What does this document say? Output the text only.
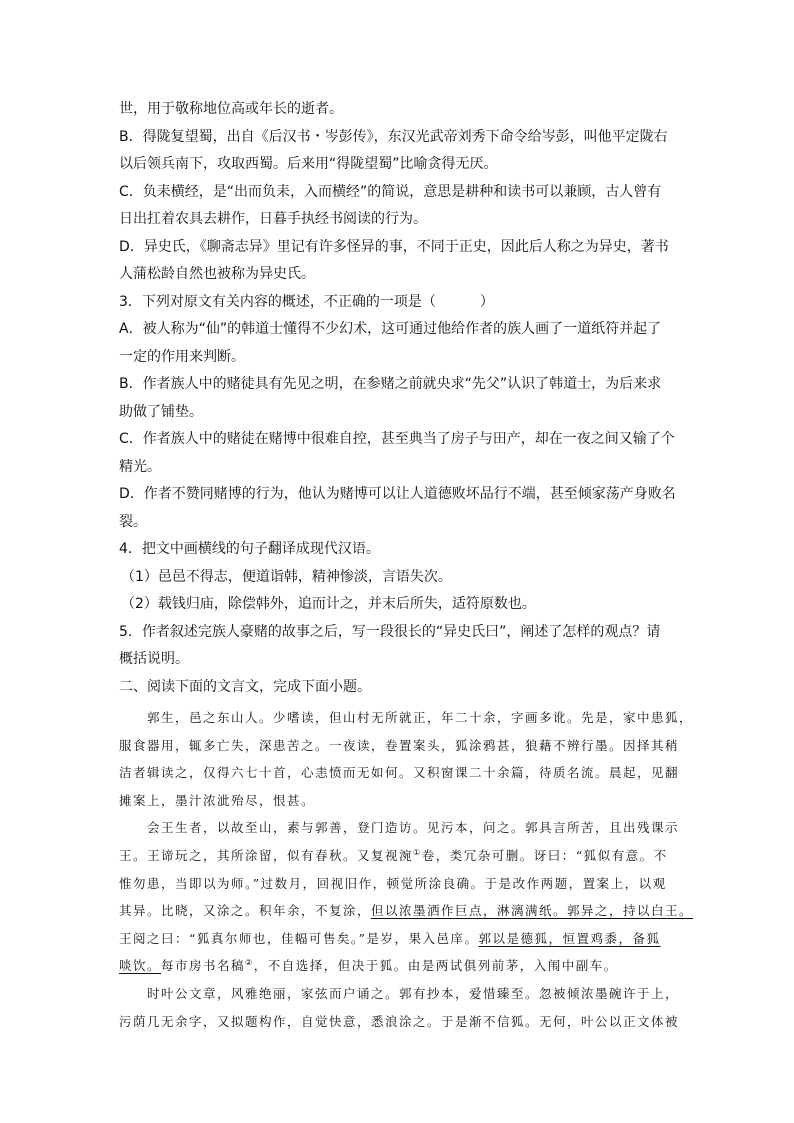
世，用于敬称地位高或年长的逝者。
B．得陇复望蜀，出自《后汉书・岑彭传》，东汉光武帝刘秀下命令给岑彭，叫他平定陇右
以后领兵南下，攻取西蜀。后来用“得陇望蜀”比喻贪得无厌。
C．负耒横经，是“出而负耒，入而横经”的简说，意思是耕种和读书可以兼顾，古人曾有
日出扛着农具去耕作，日暮手执经书阅读的行为。
D．异史氏，《聊斋志异》里记有许多怪异的事，不同于正史，因此后人称之为异史，著书
人蒲松龄自然也被称为异史氏。
3．下列对原文有关内容的概述，不正确的一项是（	）
A．被人称为“仙”的韩道士懂得不少幻术，这可通过他给作者的族人画了一道纸符并起了
一定的作用来判断。
B．作者族人中的赌徒具有先见之明，在参赌之前就央求“先父”认识了韩道士，为后来求
助做了铺垫。
C．作者族人中的赌徒在赌博中很难自控，甚至典当了房子与田产，却在一夜之间又输了个
精光。
D．作者不赞同赌博的行为，他认为赌博可以让人道德败坏品行不端，甚至倾家荡产身败名
裂。
4．把文中画横线的句子翻译成现代汉语。
（1）邑邑不得志，便道诣韩，精神惨淡，言语失次。
（2）载钱归庙，除偿韩外，追而计之，并末后所失，适符原数也。
5．作者叙述完族人豪赌的故事之后，写一段很长的“异史氏曰”，阐述了怎样的观点？请
概括说明。
二、阅读下面的文言文，完成下面小题。
郭生，邑之东山人。少嗜读，但山村无所就正，年二十余，字画多讹。先是，家中患狐，
服食器用，辄多亡失，深患苦之。一夜读，卷置案头，狐涂鸦甚，狼藉不辨行墨。因择其稍
洁者辑读之，仅得六七十首，心恚愤而无如何。又积窗课二十余篇，待质名流。晨起，见翻
摊案上，墨汁浓泚殆尽，恨甚。
会王生者，以故至山，素与郭善，登门造访。见污本，问之。郭具言所苦，且出残课示
王。王谛玩之，其所涂留，似有春秋。又复视涴①卷，类冗杂可删。讶曰：“狐似有意。不
惟勿患，当即以为师。”过数月，回视旧作，顿觉所涂良确。于是改作两题，置案上，以观
其异。比晓，又涂之。积年余，不复涂，但以浓墨洒作巨点，淋漓满纸。郭异之，持以白王。
王阅之曰：“狐真尔师也，佳幅可售矣。”是岁，果入邑庠。郭以是德狐，恒置鸡黍，备狐
啖饮。每市房书名稿②，不自选择，但决于狐。由是两试俱列前茅，入闱中副车。
时叶公文章，风雅绝丽，家弦而户诵之。郭有抄本，爱惜臻至。忽被倾浓墨碗许于上，
污荫几无余字，又拟题构作，自觉快意，悉浪涂之。于是渐不信狐。无何，叶公以正文体被
